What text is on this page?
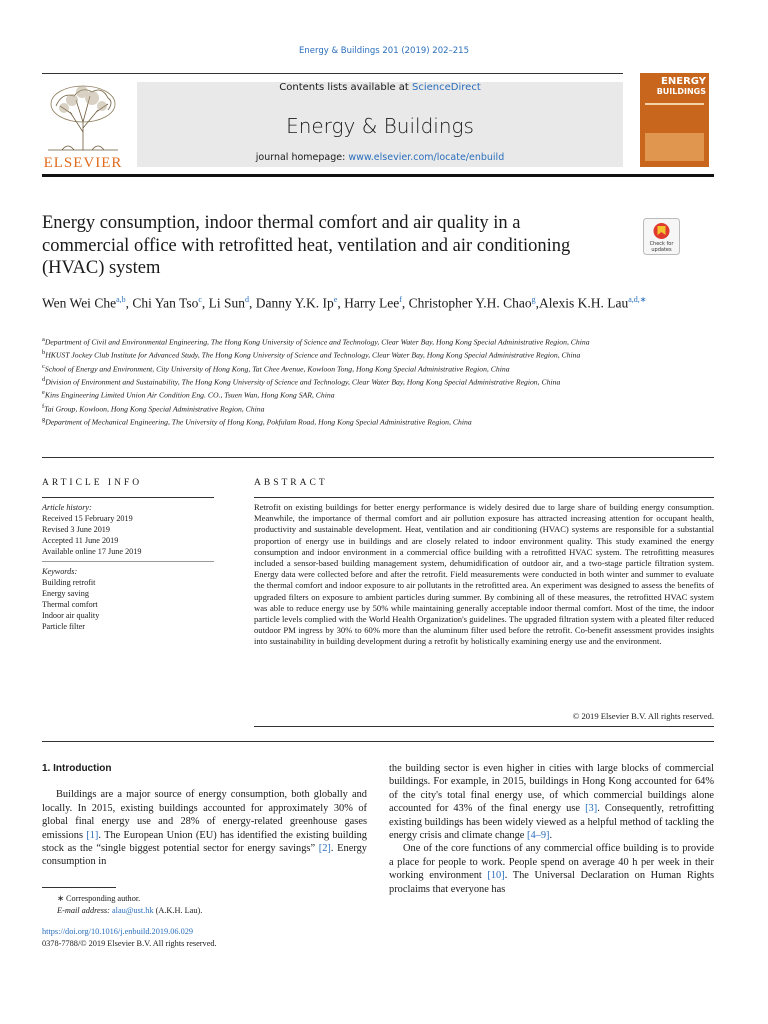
Energy & Buildings 201 (2019) 202–215
ELSEVIER
Contents lists available at ScienceDirect
Energy & Buildings
journal homepage: www.elsevier.com/locate/enbuild
ENERGY
BUILDINGS
Energy consumption, indoor thermal comfort and air quality in a commercial office with retrofitted heat, ventilation and air conditioning (HVAC) system
Check for updates
Wen Wei Che$^{a,b}$, Chi Yan Tso$^c$, Li Sun$^d$, Danny Y.K. Ip$^e$, Harry Lee$^f$, Christopher Y.H. Chao$^g$,Alexis K.H. Lau$^{a,d,∗}$
$^a$Department of Civil and Environmental Engineering, The Hong Kong University of Science and Technology, Clear Water Bay, Hong Kong Special Administrative Region, China
$^b$HKUST Jockey Club Institute for Advanced Study, The Hong Kong University of Science and Technology, Clear Water Bay, Hong Kong Special Administrative Region, China
$^c$School of Energy and Environment, City University of Hong Kong, Tat Chee Avenue, Kowloon Tong, Hong Kong Special Administrative Region, China
$^d$Division of Environment and Sustainability, The Hong Kong University of Science and Technology, Clear Water Bay, Hong Kong Special Administrative Region, China
$^e$Kins Engineering Limited Union Air Condition Eng. CO., Tsuen Wan, Hong Kong SAR, China
$^f$Tai Group, Kowloon, Hong Kong Special Administrative Region, China
$^g$Department of Mechanical Engineering, The University of Hong Kong, Pokfulam Road, Hong Kong Special Administrative Region, China
ARTICLE INFO
Article history:
Received 15 February 2019
Revised 3 June 2019
Accepted 11 June 2019
Available online 17 June 2019
Keywords:
Building retrofit
Energy saving
Thermal comfort
Indoor air quality
Particle filter
ABSTRACT
Retrofit on existing buildings for better energy performance is widely desired due to large share of building energy consumption. Meanwhile, the importance of thermal comfort and air pollution exposure has attracted increasing attention for occupant health, productivity and sustainable development. Heat, ventilation and air conditioning (HVAC) systems are responsible for a substantial proportion of energy use in buildings and are closely related to indoor environment quality. This study examined the energy consumption and indoor environment in a commercial office building with a retrofitted HVAC system. The retrofitting measures included a sensor-based building management system, dehumidification of outdoor air, and a two-stage particle filtration system. Energy data were collected before and after the retrofit. Field measurements were conducted in both winter and summer to evaluate the thermal comfort and indoor exposure to air pollutants in the retrofitted area. An experiment was designed to assess the benefits of upgraded filters on exposure to ambient particles during summer. By combining all of these measures, the retrofitted HVAC system was able to reduce energy use by 50% while maintaining generally acceptable indoor thermal comfort. Most of the time, the indoor particle levels complied with the World Health Organization's guidelines. The upgraded filtration system with a pleated filter reduced outdoor PM ingress by 30% to 60% more than the aluminum filter used before the retrofit. Co-benefit assessment provides insights into sustainability in building development during a retrofit by holistically examining energy use and the environment.
© 2019 Elsevier B.V. All rights reserved.
1. Introduction

Buildings are a major source of energy consumption, both globally and locally. In 2015, existing buildings accounted for approximately 30% of global final energy use and 28% of energy-related greenhouse gases emissions [1]. The European Union (EU) has identified the existing building stock as the “single biggest potential sector for energy savings” [2]. Energy consumption in

the building sector is even higher in cities with large blocks of commercial buildings. For example, in 2015, buildings in Hong Kong accounted for 64% of the city's total final energy use, of which commercial buildings alone accounted for 43% of the final energy use [3]. Consequently, retrofitting existing buildings has been widely viewed as a helpful method of tackling the energy crisis and climate change [4–9].

One of the core functions of any commercial office building is to provide a place for people to work. People spend on average 40 h per week in their working environment [10]. The Universal Declaration on Human Rights proclaims that everyone has

∗ Corresponding author.
E-mail address: alau@ust.hk (A.K.H. Lau).
https://doi.org/10.1016/j.enbuild.2019.06.029
0378-7788/© 2019 Elsevier B.V. All rights reserved.
